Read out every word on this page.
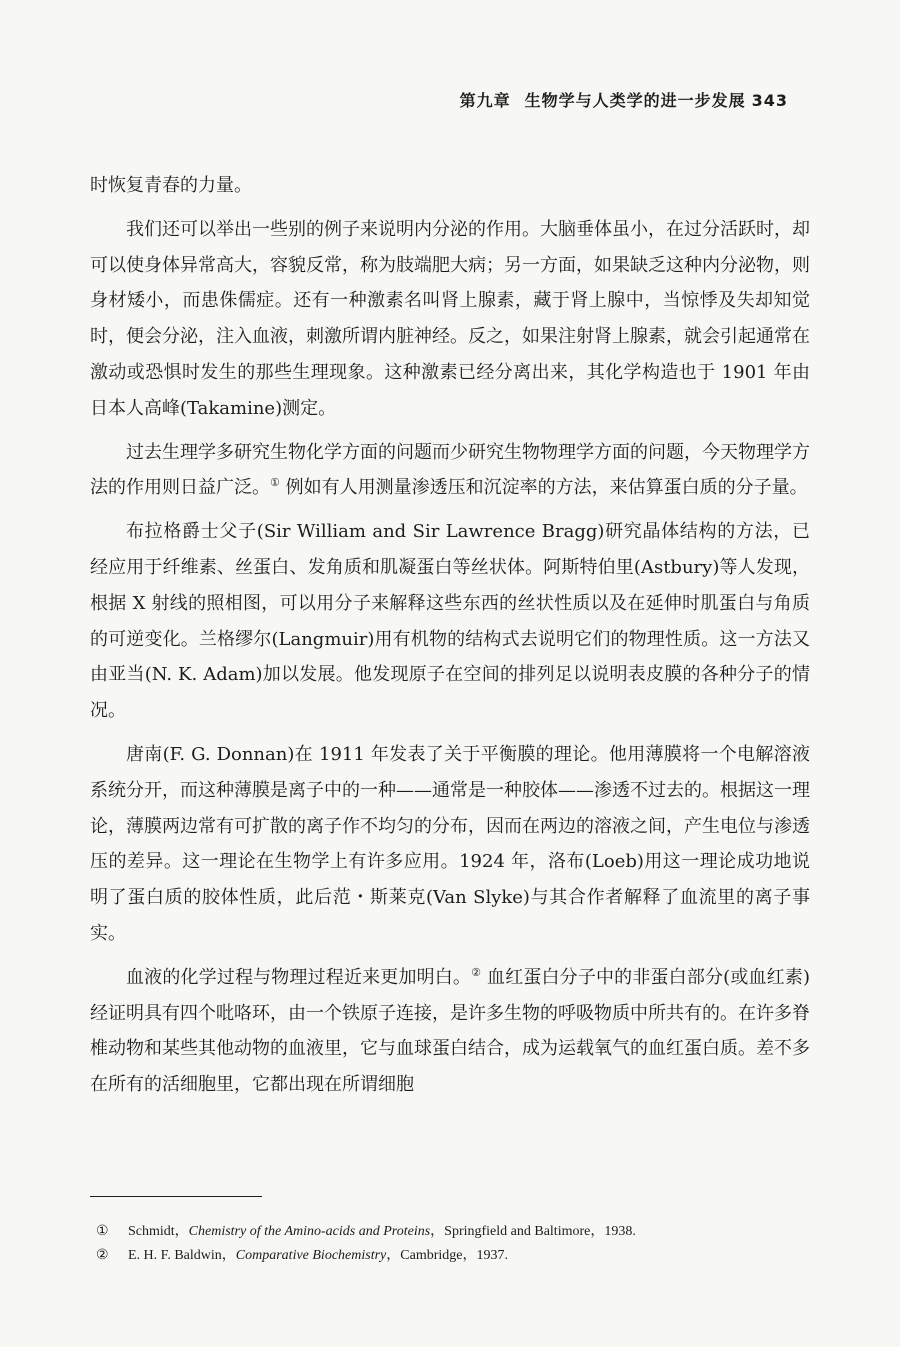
第九章 生物学与人类学的进一步发展 343

时恢复青春的力量。

我们还可以举出一些别的例子来说明内分泌的作用。大脑垂体虽小，在过分活跃时，却可以使身体异常高大，容貌反常，称为肢端肥大病；另一方面，如果缺乏这种内分泌物，则身材矮小，而患侏儒症。还有一种激素名叫肾上腺素，藏于肾上腺中，当惊悸及失却知觉时，便会分泌，注入血液，刺激所谓内脏神经。反之，如果注射肾上腺素，就会引起通常在激动或恐惧时发生的那些生理现象。这种激素已经分离出来，其化学构造也于 1901 年由日本人高峰(Takamine)测定。

过去生理学多研究生物化学方面的问题而少研究生物物理学方面的问题，今天物理学方法的作用则日益广泛。① 例如有人用测量渗透压和沉淀率的方法，来估算蛋白质的分子量。

布拉格爵士父子(Sir William and Sir Lawrence Bragg)研究晶体结构的方法，已经应用于纤维素、丝蛋白、发角质和肌凝蛋白等丝状体。阿斯特伯里(Astbury)等人发现，根据 X 射线的照相图，可以用分子来解释这些东西的丝状性质以及在延伸时肌蛋白与角质的可逆变化。兰格缪尔(Langmuir)用有机物的结构式去说明它们的物理性质。这一方法又由亚当(N. K. Adam)加以发展。他发现原子在空间的排列足以说明表皮膜的各种分子的情况。

唐南(F. G. Donnan)在 1911 年发表了关于平衡膜的理论。他用薄膜将一个电解溶液系统分开，而这种薄膜是离子中的一种——通常是一种胶体——渗透不过去的。根据这一理论，薄膜两边常有可扩散的离子作不均匀的分布，因而在两边的溶液之间，产生电位与渗透压的差异。这一理论在生物学上有许多应用。1924 年，洛布(Loeb)用这一理论成功地说明了蛋白质的胶体性质，此后范・斯莱克(Van Slyke)与其合作者解释了血流里的离子事实。

血液的化学过程与物理过程近来更加明白。② 血红蛋白分子中的非蛋白部分(或血红素)经证明具有四个吡咯环，由一个铁原子连接，是许多生物的呼吸物质中所共有的。在许多脊椎动物和某些其他动物的血液里，它与血球蛋白结合，成为运载氧气的血红蛋白质。差不多在所有的活细胞里，它都出现在所谓细胞

① Schmidt，Chemistry of the Amino-acids and Proteins，Springfield and Baltimore，1938.
② E. H. F. Baldwin，Comparative Biochemistry，Cambridge，1937.
